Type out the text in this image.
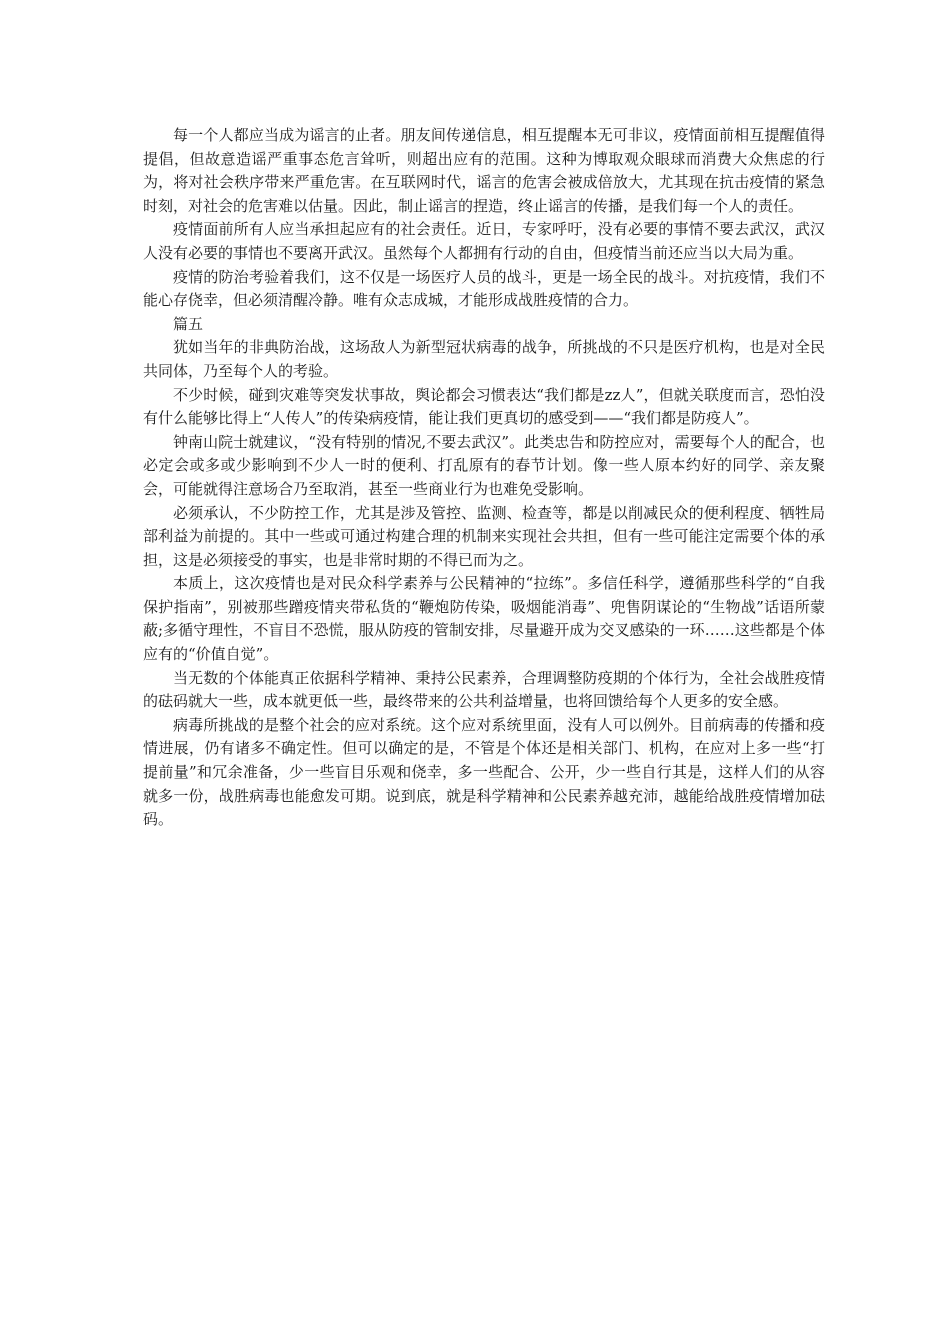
每一个人都应当成为谣言的止者。朋友间传递信息，相互提醒本无可非议，疫情面前相互提醒值得提倡，但故意造谣严重事态危言耸听，则超出应有的范围。这种为博取观众眼球而消费大众焦虑的行为，将对社会秩序带来严重危害。在互联网时代，谣言的危害会被成倍放大，尤其现在抗击疫情的紧急时刻，对社会的危害难以估量。因此，制止谣言的捏造，终止谣言的传播，是我们每一个人的责任。

疫情面前所有人应当承担起应有的社会责任。近日，专家呼吁，没有必要的事情不要去武汉，武汉人没有必要的事情也不要离开武汉。虽然每个人都拥有行动的自由，但疫情当前还应当以大局为重。

疫情的防治考验着我们，这不仅是一场医疗人员的战斗，更是一场全民的战斗。对抗疫情，我们不能心存侥幸，但必须清醒冷静。唯有众志成城，才能形成战胜疫情的合力。

篇五

犹如当年的非典防治战，这场敌人为新型冠状病毒的战争，所挑战的不只是医疗机构，也是对全民共同体，乃至每个人的考验。

不少时候，碰到灾难等突发状事故，舆论都会习惯表达“我们都是zz人”，但就关联度而言，恐怕没有什么能够比得上“人传人”的传染病疫情，能让我们更真切的感受到——“我们都是防疫人”。

钟南山院士就建议，“没有特别的情况,不要去武汉”。此类忠告和防控应对，需要每个人的配合，也必定会或多或少影响到不少人一时的便利、打乱原有的春节计划。像一些人原本约好的同学、亲友聚会，可能就得注意场合乃至取消，甚至一些商业行为也难免受影响。

必须承认，不少防控工作，尤其是涉及管控、监测、检查等，都是以削减民众的便利程度、牺牲局部利益为前提的。其中一些或可通过构建合理的机制来实现社会共担，但有一些可能注定需要个体的承担，这是必须接受的事实，也是非常时期的不得已而为之。

本质上，这次疫情也是对民众科学素养与公民精神的“拉练”。多信任科学，遵循那些科学的“自我保护指南”，别被那些蹭疫情夹带私货的“鞭炮防传染，吸烟能消毒”、兜售阴谋论的“生物战”话语所蒙蔽;多循守理性，不盲目不恐慌，服从防疫的管制安排，尽量避开成为交叉感染的一环……这些都是个体应有的“价值自觉”。

当无数的个体能真正依据科学精神、秉持公民素养，合理调整防疫期的个体行为，全社会战胜疫情的砝码就大一些，成本就更低一些，最终带来的公共利益增量，也将回馈给每个人更多的安全感。

病毒所挑战的是整个社会的应对系统。这个应对系统里面，没有人可以例外。目前病毒的传播和疫情进展，仍有诸多不确定性。但可以确定的是，不管是个体还是相关部门、机构，在应对上多一些“打提前量”和冗余准备，少一些盲目乐观和侥幸，多一些配合、公开，少一些自行其是，这样人们的从容就多一份，战胜病毒也能愈发可期。说到底，就是科学精神和公民素养越充沛，越能给战胜疫情增加砝码。
